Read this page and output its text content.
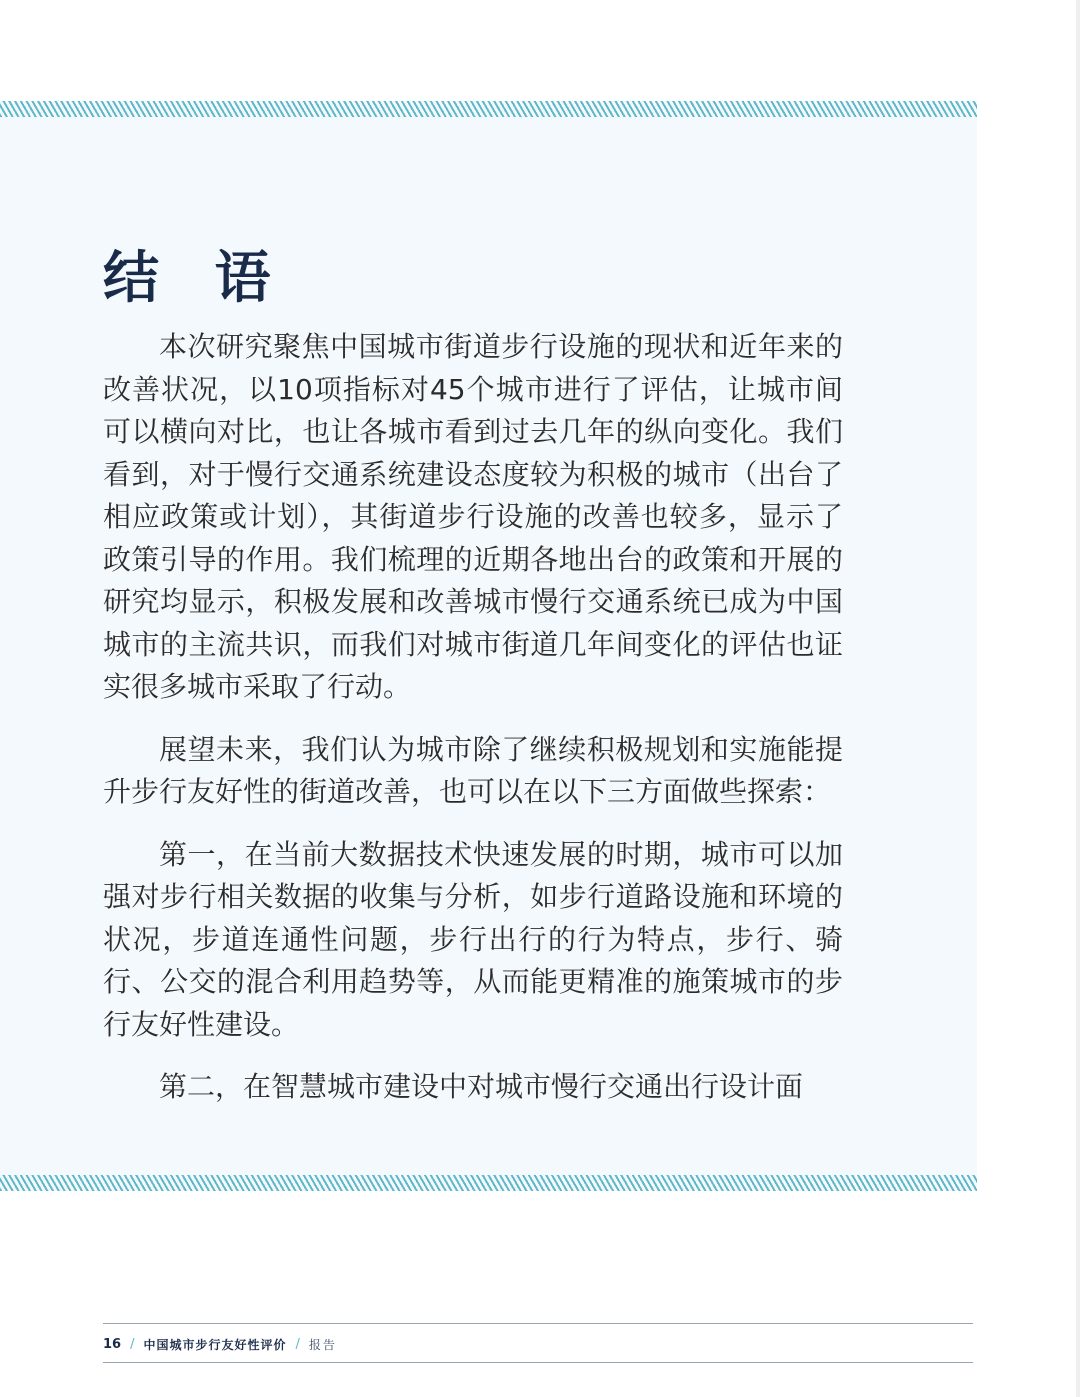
结 语

本次研究聚焦中国城市街道步行设施的现状和近年来的改善状况，以10项指标对45个城市进行了评估，让城市间可以横向对比，也让各城市看到过去几年的纵向变化。我们看到，对于慢行交通系统建设态度较为积极的城市（出台了相应政策或计划），其街道步行设施的改善也较多，显示了政策引导的作用。我们梳理的近期各地出台的政策和开展的研究均显示，积极发展和改善城市慢行交通系统已成为中国城市的主流共识，而我们对城市街道几年间变化的评估也证实很多城市采取了行动。

展望未来，我们认为城市除了继续积极规划和实施能提升步行友好性的街道改善，也可以在以下三方面做些探索：

第一，在当前大数据技术快速发展的时期，城市可以加强对步行相关数据的收集与分析，如步行道路设施和环境的状况，步道连通性问题，步行出行的行为特点，步行、骑行、公交的混合利用趋势等，从而能更精准的施策城市的步行友好性建设。

第二，在智慧城市建设中对城市慢行交通出行设计面

16 / 中国城市步行友好性评价 / 报告
